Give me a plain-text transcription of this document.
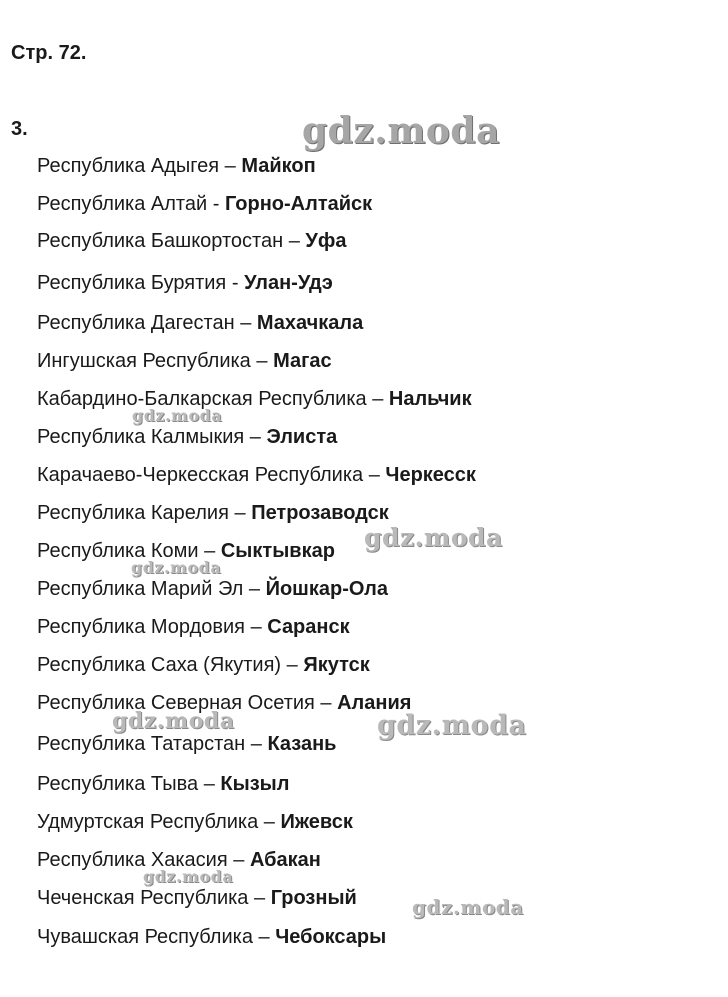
Стр. 72.
3.
Республика Адыгея – Майкоп
Республика Алтай - Горно-Алтайск
Республика Башкортостан – Уфа
Республика Бурятия - Улан-Удэ
Республика Дагестан – Махачкала
Ингушская Республика – Магас
Кабардино-Балкарская Республика – Нальчик
Республика Калмыкия – Элиста
Карачаево-Черкесская Республика – Черкесск
Республика Карелия – Петрозаводск
Республика Коми – Сыктывкар
Республика Марий Эл – Йошкар-Ола
Республика Мордовия – Саранск
Республика Саха (Якутия) – Якутск
Республика Северная Осетия – Алания
Республика Татарстан – Казань
Республика Тыва – Кызыл
Удмуртская Республика – Ижевск
Республика Хакасия – Абакан
Чеченская Республика – Грозный
Чувашская Республика – Чебоксары
gdz.moda
gdz.moda
gdz.moda
gdz.moda
gdz.moda	gdz.moda
gdz.moda
gdz.moda
